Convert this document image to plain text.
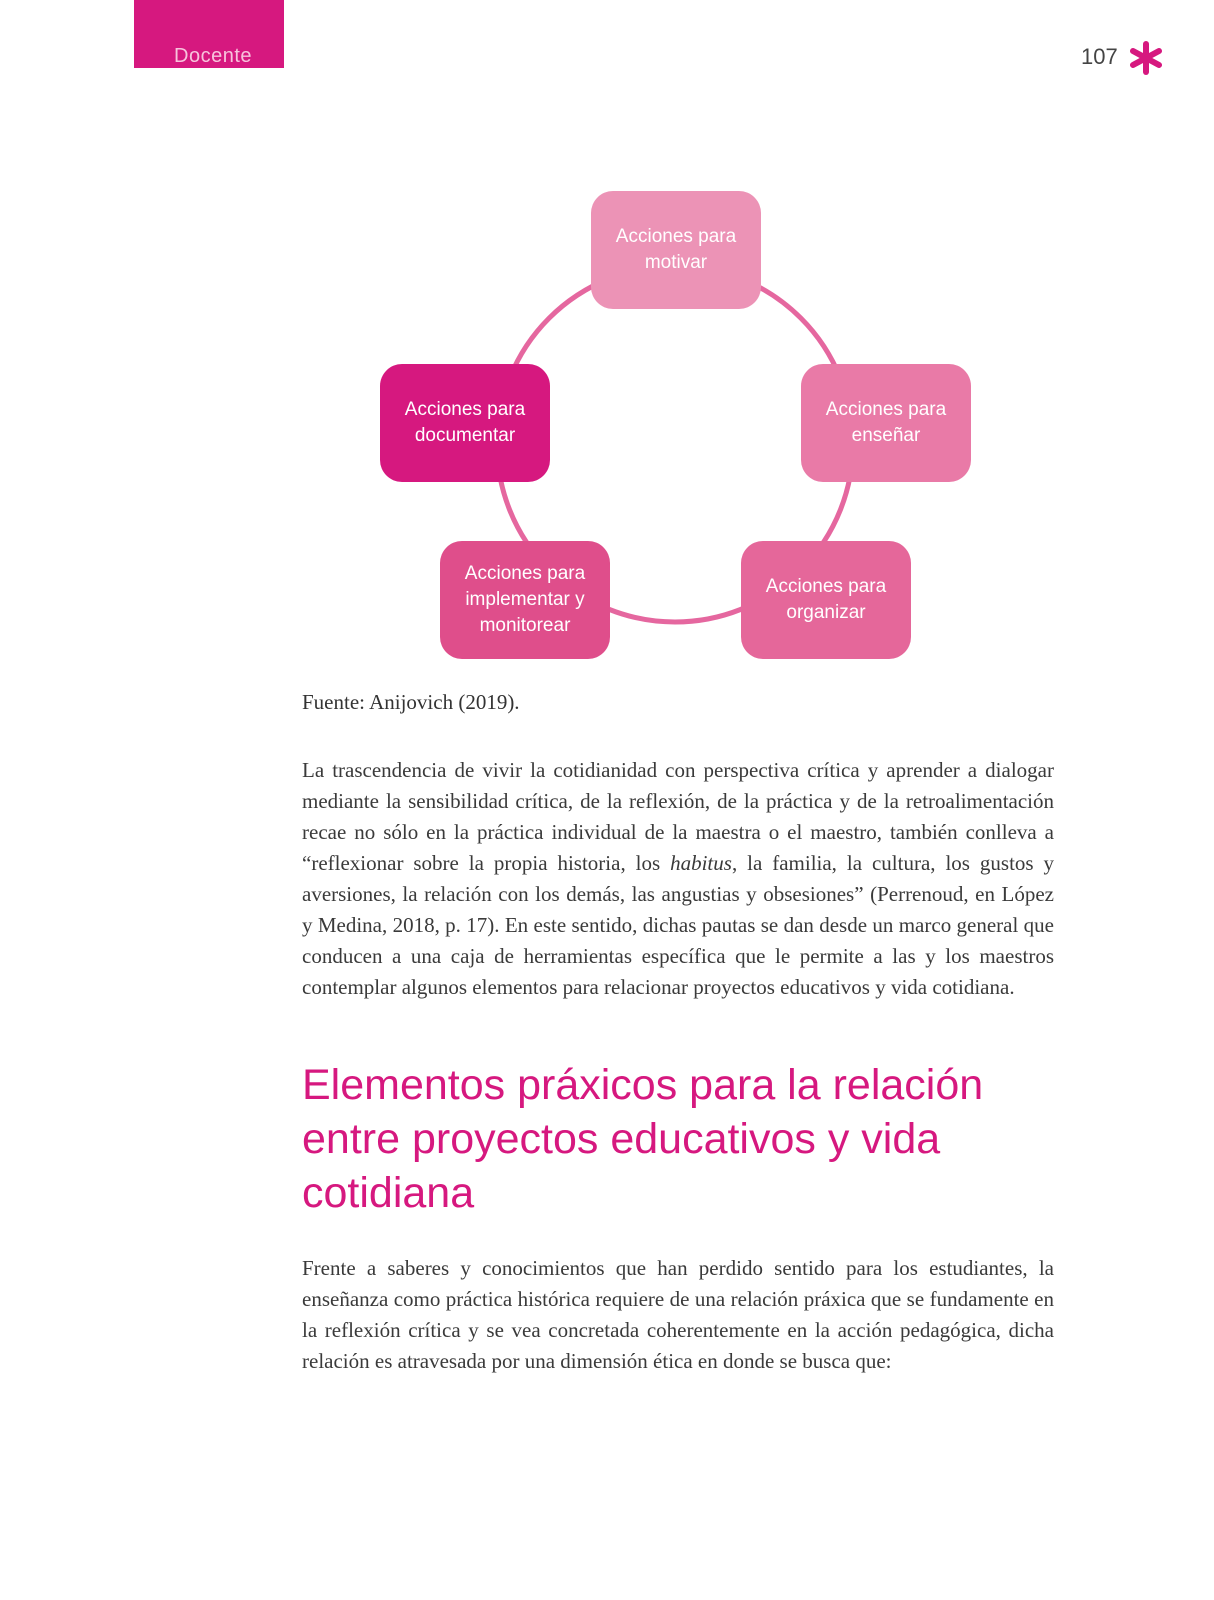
Docente	107
Acciones para motivar
Acciones para enseñar
Acciones para organizar
Acciones para implementar y monitorear
Acciones para documentar
Fuente: Anijovich (2019).

La trascendencia de vivir la cotidianidad con perspectiva crítica y aprender a dialogar mediante la sensibilidad crítica, de la reflexión, de la práctica y de la retroalimentación recae no sólo en la práctica individual de la maestra o el maestro, también conlleva a “reflexionar sobre la propia historia, los habitus, la familia, la cultura, los gustos y aversiones, la relación con los demás, las angustias y obsesiones” (Perrenoud, en López y Medina, 2018, p. 17). En este sentido, dichas pautas se dan desde un marco general que conducen a una caja de herramientas específica que le permite a las y los maestros contemplar algunos elementos para relacionar proyectos educativos y vida cotidiana.

Elementos práxicos para la relación entre proyectos educativos y vida cotidiana

Frente a saberes y conocimientos que han perdido sentido para los estudiantes, la enseñanza como práctica histórica requiere de una relación práxica que se fundamente en la reflexión crítica y se vea concretada coherentemente en la acción pedagógica, dicha relación es atravesada por una dimensión ética en donde se busca que:
